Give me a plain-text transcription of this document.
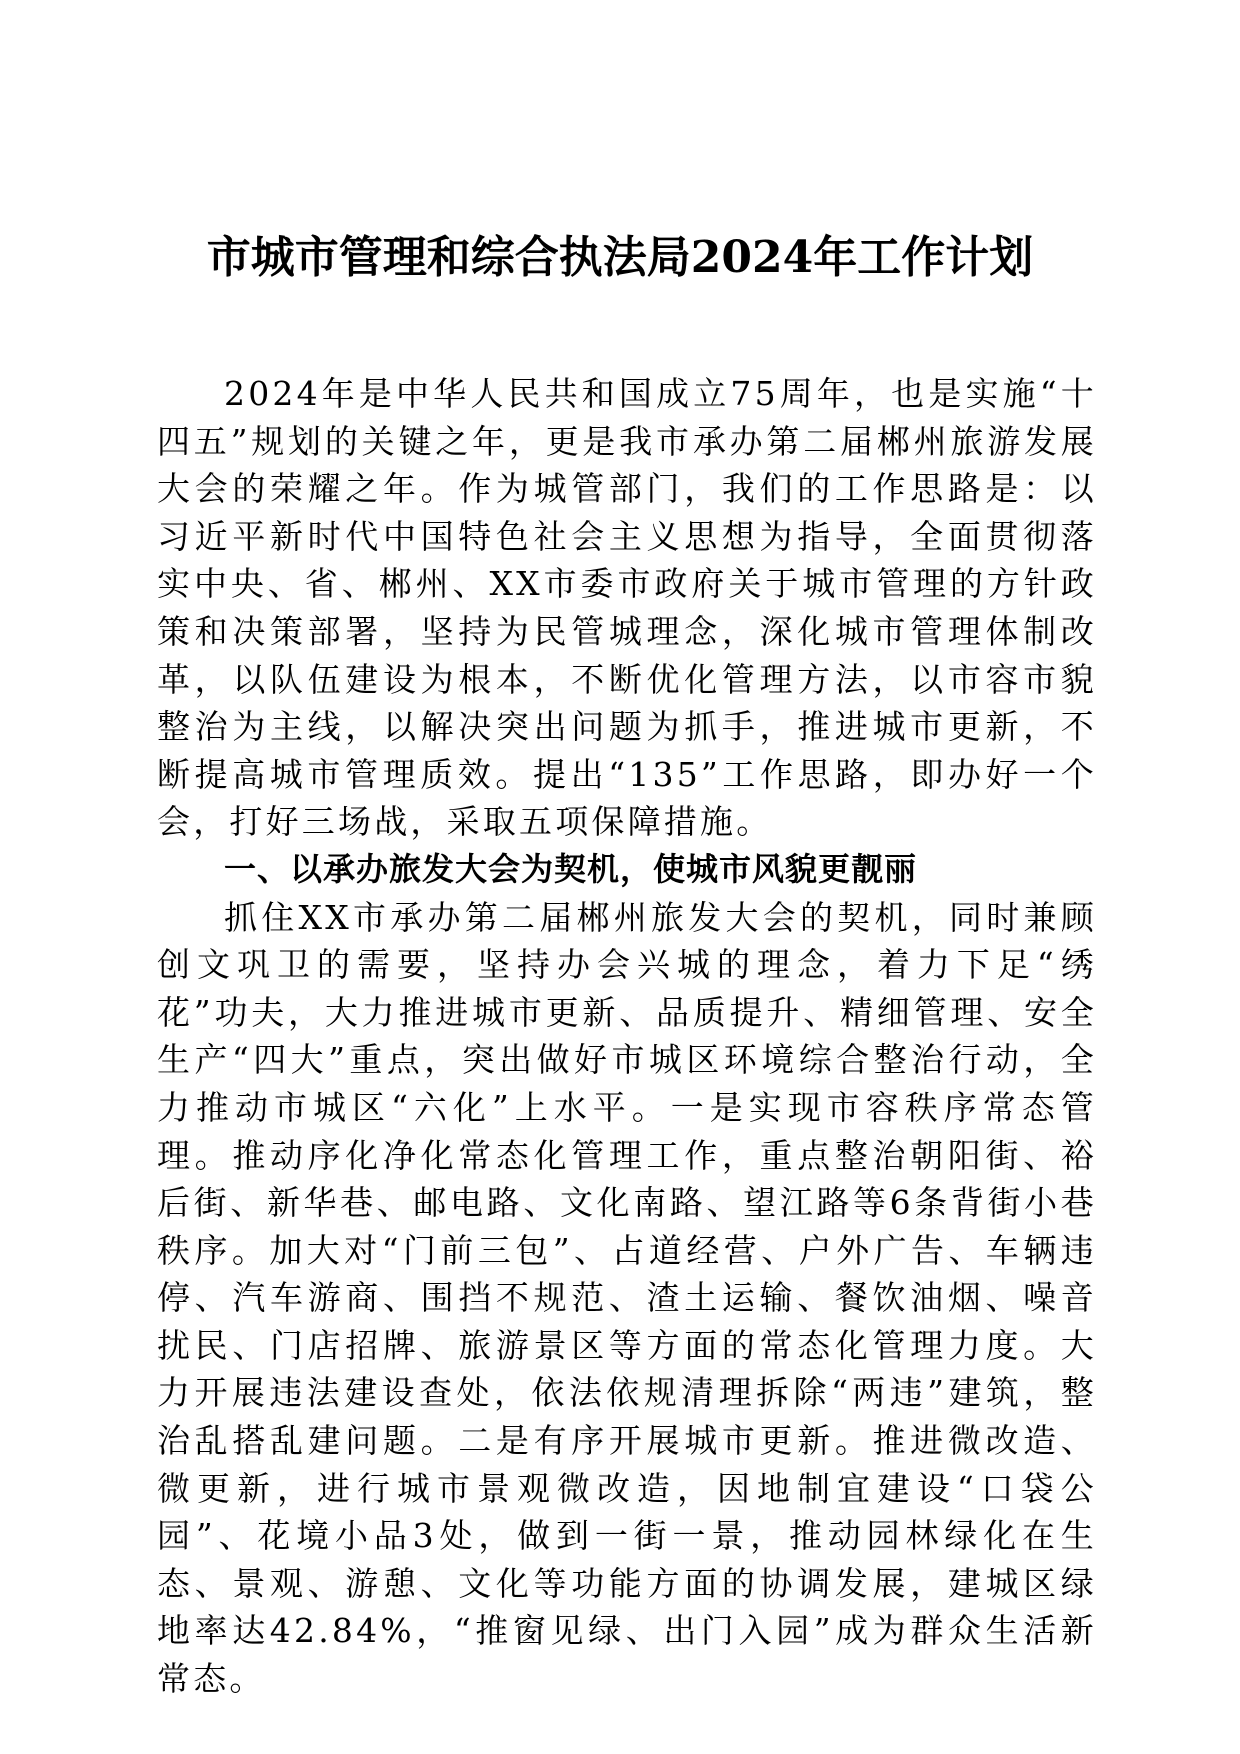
市城市管理和综合执法局2024年工作计划

2024年是中华人民共和国成立75周年，也是实施“十四五”规划的关键之年，更是我市承办第二届郴州旅游发展大会的荣耀之年。作为城管部门，我们的工作思路是：以习近平新时代中国特色社会主义思想为指导，全面贯彻落实中央、省、郴州、XX市委市政府关于城市管理的方针政策和决策部署，坚持为民管城理念，深化城市管理体制改革，以队伍建设为根本，不断优化管理方法，以市容市貌整治为主线，以解决突出问题为抓手，推进城市更新，不断提高城市管理质效。提出“135”工作思路，即办好一个会，打好三场战，采取五项保障措施。

一、以承办旅发大会为契机，使城市风貌更靓丽

抓住XX市承办第二届郴州旅发大会的契机，同时兼顾创文巩卫的需要，坚持办会兴城的理念，着力下足“绣花”功夫，大力推进城市更新、品质提升、精细管理、安全生产“四大”重点，突出做好市城区环境综合整治行动，全力推动市城区“六化”上水平。一是实现市容秩序常态管理。推动序化净化常态化管理工作，重点整治朝阳街、裕后街、新华巷、邮电路、文化南路、望江路等6条背街小巷秩序。加大对“门前三包”、占道经营、户外广告、车辆违停、汽车游商、围挡不规范、渣土运输、餐饮油烟、噪音扰民、门店招牌、旅游景区等方面的常态化管理力度。大力开展违法建设查处，依法依规清理拆除“两违”建筑，整治乱搭乱建问题。二是有序开展城市更新。推进微改造、微更新，进行城市景观微改造，因地制宜建设“口袋公园”、花境小品3处，做到一街一景，推动园林绿化在生态、景观、游憩、文化等功能方面的协调发展，建城区绿地率达42.84%，“推窗见绿、出门入园”成为群众生活新常态。
